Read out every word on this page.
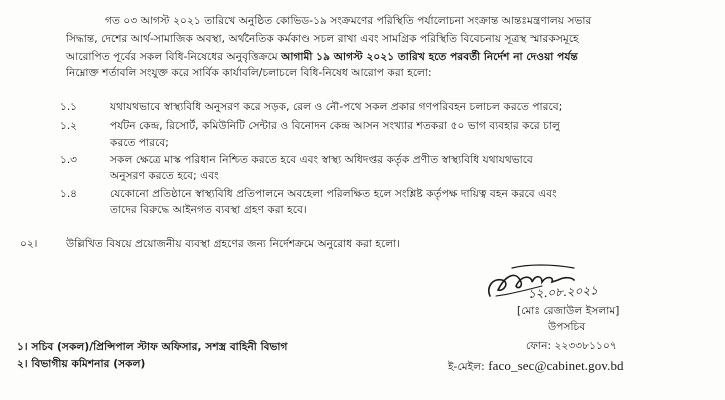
গত ০৩ আগস্ট ২০২১ তারিখে অনুষ্ঠিত কোভিড-১৯ সংক্রমণের পরিস্থিতি পর্যালোচনা সংক্রান্ত আন্তঃমন্ত্রণালয় সভার
সিদ্ধান্ত, দেশের আর্থ-সামাজিক অবস্থা, অর্থনৈতিক কর্মকাণ্ড সচল রাখা এবং সামগ্রিক পরিস্থিতি বিবেচনায় সূত্রস্থ স্মারকসমূহে
আরোপিত পূর্বের সকল বিধি-নিষেধের অনুবৃত্তিক্রমে আগামী ১৯ আগস্ট ২০২১ তারিখ হতে পরবর্তী নির্দেশ না দেওয়া পর্যন্ত
নিম্নোক্ত শর্তাবলি সংযুক্ত করে সার্বিক কার্যাবলি/চলাচলে বিধি-নিষেধ আরোপ করা হলো:
১.১	যথাযথভাবে স্বাস্থ্যবিধি অনুসরণ করে সড়ক, রেল ও নৌ-পথে সকল প্রকার গণপরিবহন চলাচল করতে পারবে;
১.২	পর্যটন কেন্দ্র, রিসোর্ট, কমিউনিটি সেন্টার ও বিনোদন কেন্দ্র আসন সংখ্যার শতকরা ৫০ ভাগ ব্যবহার করে চালু
করতে পারবে;
১.৩	সকল ক্ষেত্রে মাস্ক পরিধান নিশ্চিত করতে হবে এবং স্বাস্থ্য অধিদপ্তর কর্তৃক প্রণীত স্বাস্থ্যবিধি যথাযথভাবে
অনুসরণ করতে হবে; এবং
১.৪	যেকোনো প্রতিষ্ঠানে স্বাস্থ্যবিধি প্রতিপালনে অবহেলা পরিলক্ষিত হলে সংশ্লিষ্ট কর্তৃপক্ষ দায়িত্ব বহন করবে এবং
তাদের বিরুদ্ধে আইনগত ব্যবস্থা গ্রহণ করা হবে।
০২।	উল্লিখিত বিষয়ে প্রয়োজনীয় ব্যবস্থা গ্রহণের জন্য নির্দেশক্রমে অনুরোধ করা হলো।
১২.০৮.২০২১
[মোঃ রেজাউল ইসলাম]
উপসচিব
ফোন: ২২৩৩৮১১০৭
ই-মেইল: faco_sec@cabinet.gov.bd
১। সচিব (সকল)/প্রিন্সিপাল স্টাফ অফিসার, সশস্ত্র বাহিনী বিভাগ
২। বিভাগীয় কমিশনার (সকল)
